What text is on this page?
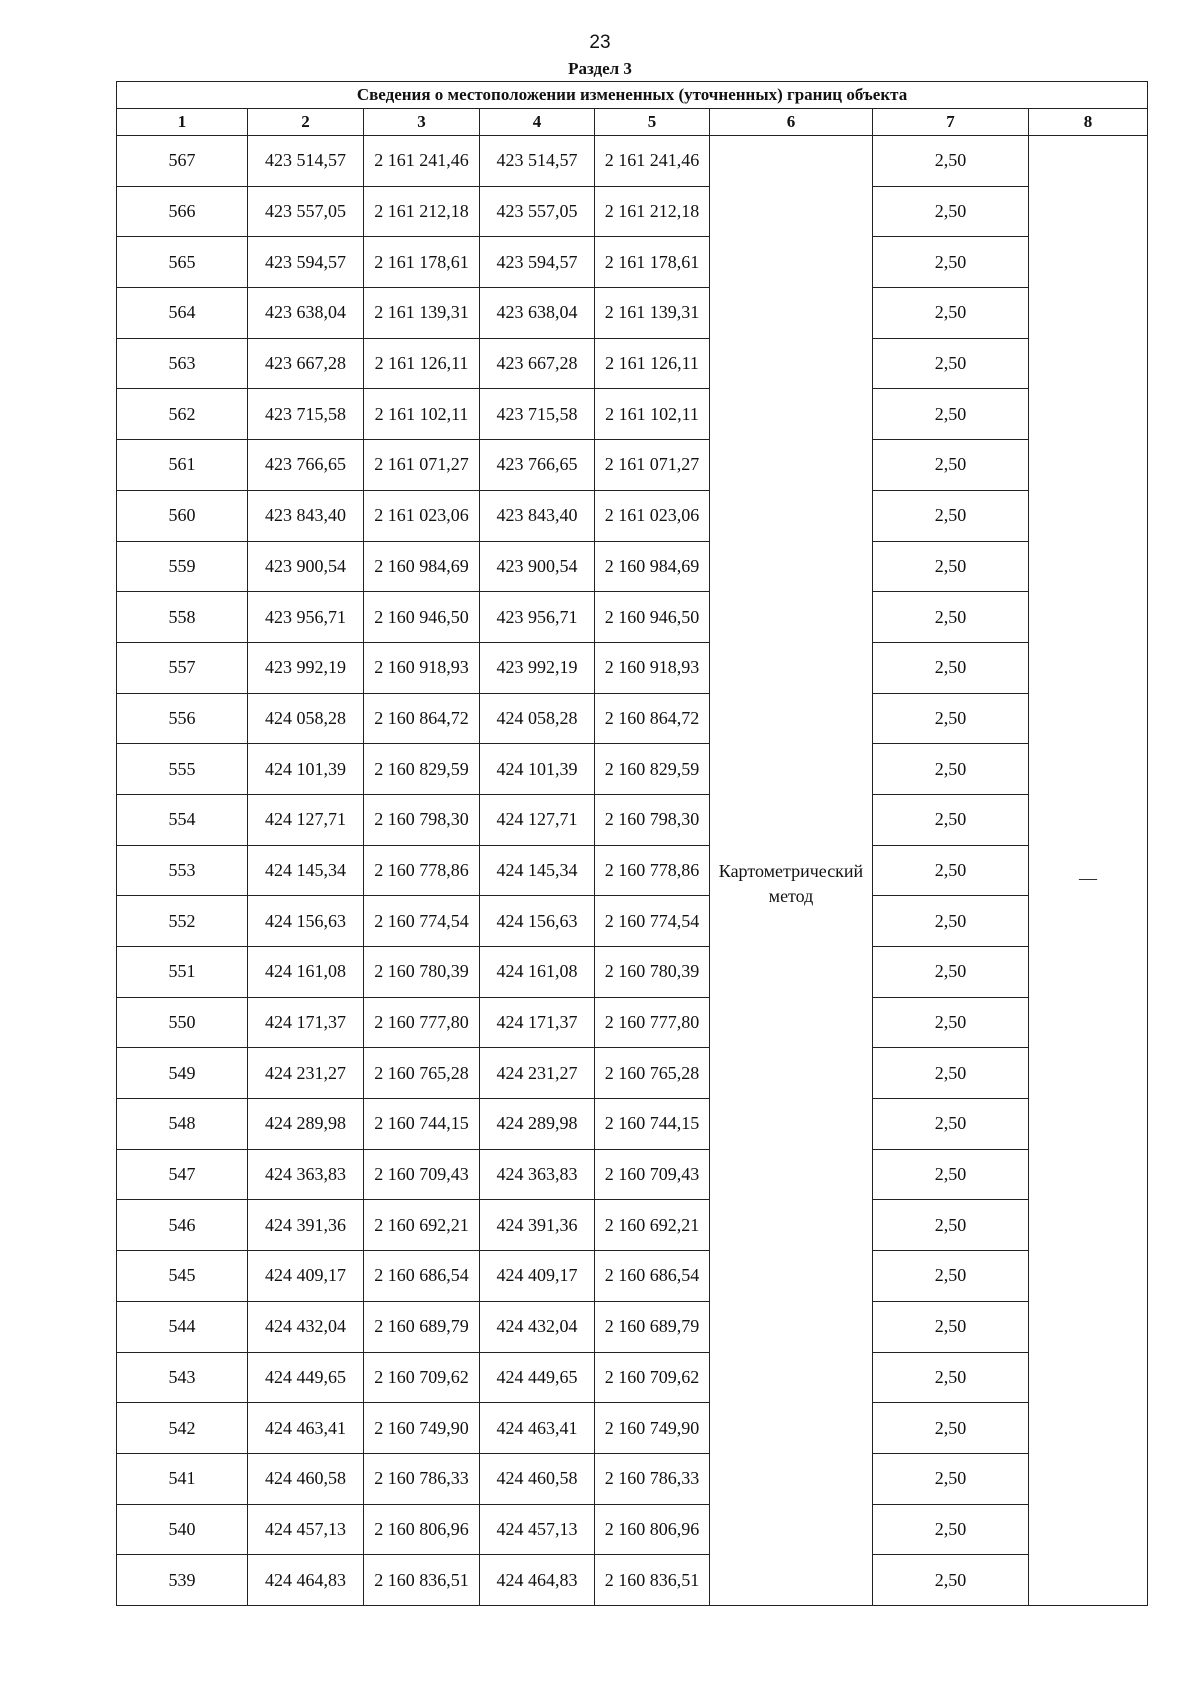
23
Раздел 3
Сведения о местоположении измененных (уточненных) границ объекта							
1	2	3	4	5	6	7	8
567	423 514,57	2 161 241,46	423 514,57	2 161 241,46	Картометрический метод	2,50	—
566	423 557,05	2 161 212,18	423 557,05	2 161 212,18		2,50	
565	423 594,57	2 161 178,61	423 594,57	2 161 178,61		2,50	
564	423 638,04	2 161 139,31	423 638,04	2 161 139,31		2,50	
563	423 667,28	2 161 126,11	423 667,28	2 161 126,11		2,50	
562	423 715,58	2 161 102,11	423 715,58	2 161 102,11		2,50	
561	423 766,65	2 161 071,27	423 766,65	2 161 071,27		2,50	
560	423 843,40	2 161 023,06	423 843,40	2 161 023,06		2,50	
559	423 900,54	2 160 984,69	423 900,54	2 160 984,69		2,50	
558	423 956,71	2 160 946,50	423 956,71	2 160 946,50		2,50	
557	423 992,19	2 160 918,93	423 992,19	2 160 918,93		2,50	
556	424 058,28	2 160 864,72	424 058,28	2 160 864,72		2,50	
555	424 101,39	2 160 829,59	424 101,39	2 160 829,59		2,50	
554	424 127,71	2 160 798,30	424 127,71	2 160 798,30		2,50	
553	424 145,34	2 160 778,86	424 145,34	2 160 778,86		2,50	
552	424 156,63	2 160 774,54	424 156,63	2 160 774,54		2,50	
551	424 161,08	2 160 780,39	424 161,08	2 160 780,39		2,50	
550	424 171,37	2 160 777,80	424 171,37	2 160 777,80		2,50	
549	424 231,27	2 160 765,28	424 231,27	2 160 765,28		2,50	
548	424 289,98	2 160 744,15	424 289,98	2 160 744,15		2,50	
547	424 363,83	2 160 709,43	424 363,83	2 160 709,43		2,50	
546	424 391,36	2 160 692,21	424 391,36	2 160 692,21		2,50	
545	424 409,17	2 160 686,54	424 409,17	2 160 686,54		2,50	
544	424 432,04	2 160 689,79	424 432,04	2 160 689,79		2,50	
543	424 449,65	2 160 709,62	424 449,65	2 160 709,62		2,50	
542	424 463,41	2 160 749,90	424 463,41	2 160 749,90		2,50	
541	424 460,58	2 160 786,33	424 460,58	2 160 786,33		2,50	
540	424 457,13	2 160 806,96	424 457,13	2 160 806,96		2,50	
539	424 464,83	2 160 836,51	424 464,83	2 160 836,51		2,50	
